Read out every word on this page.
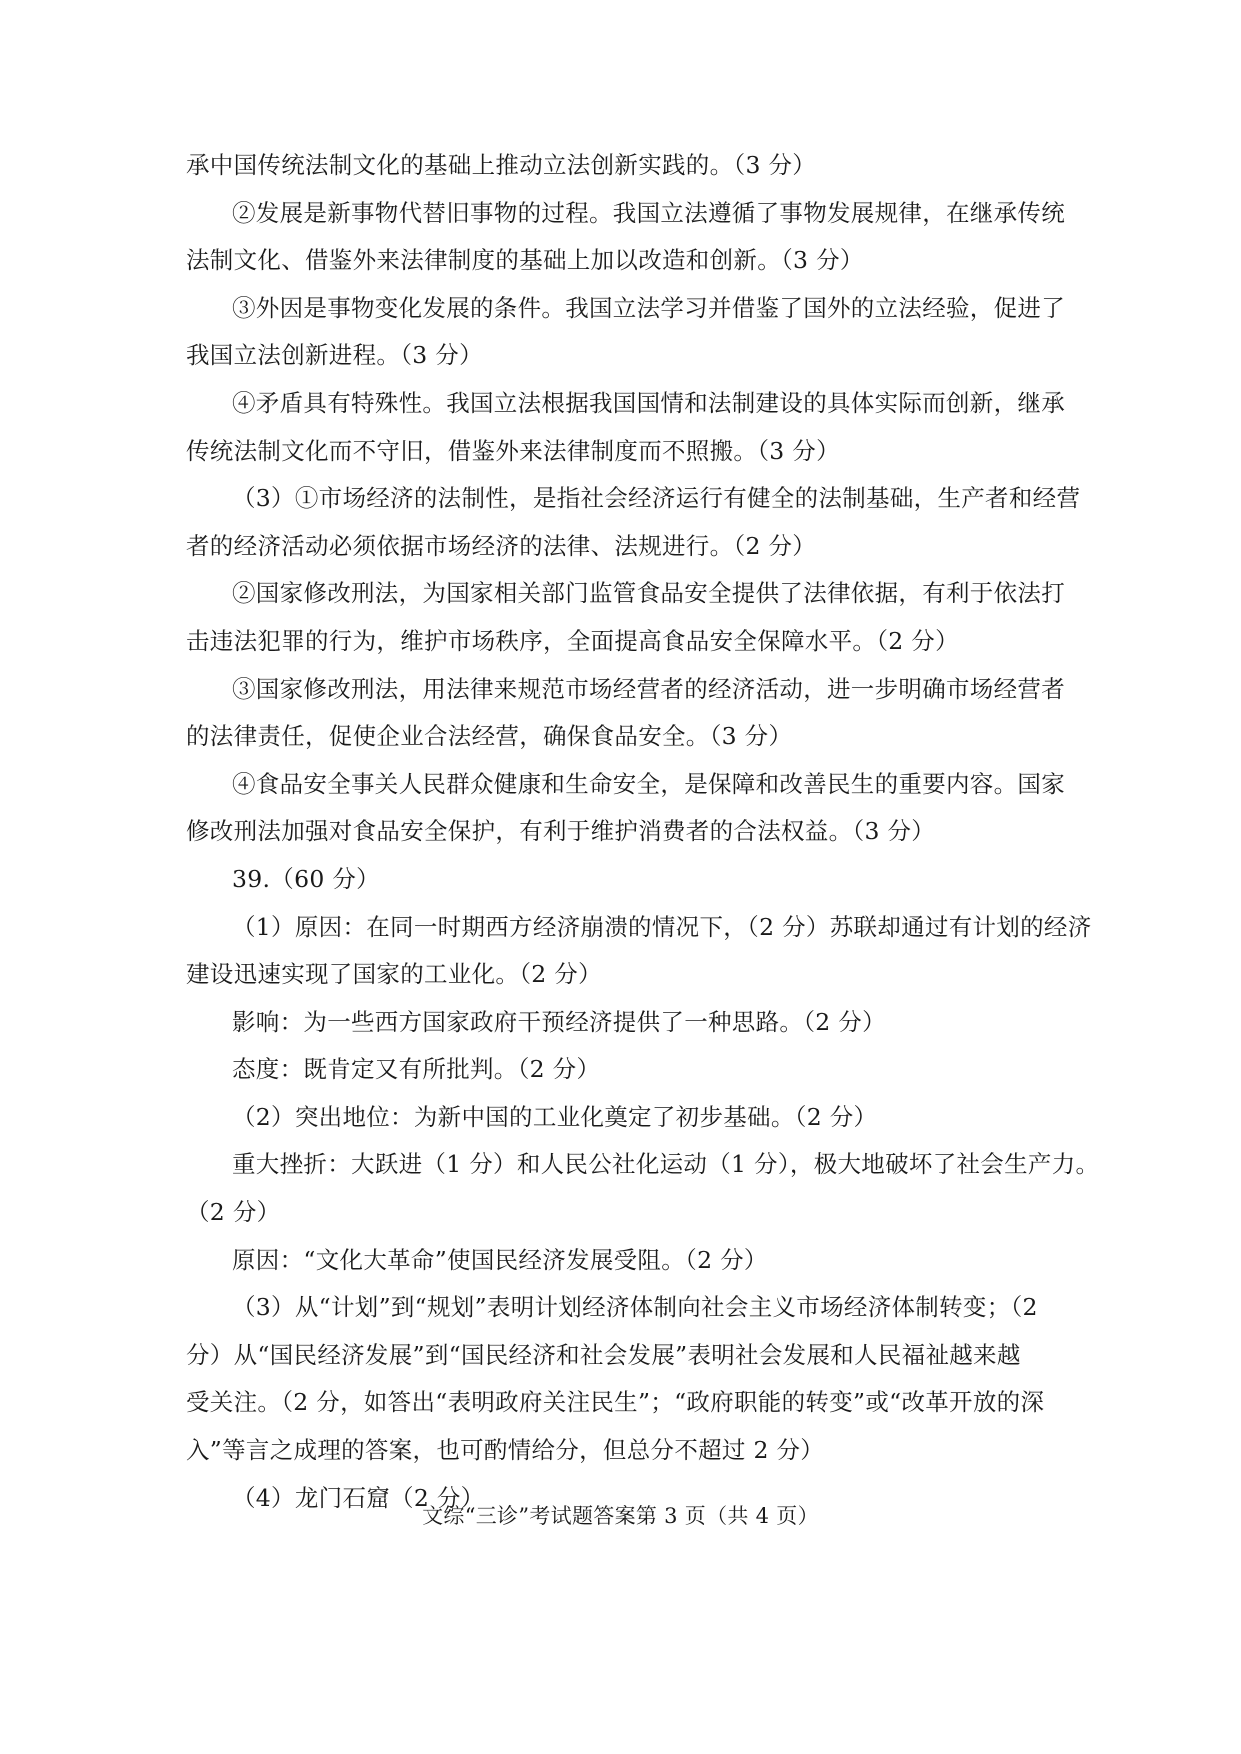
承中国传统法制文化的基础上推动立法创新实践的。（3 分）
②发展是新事物代替旧事物的过程。我国立法遵循了事物发展规律，在继承传统
法制文化、借鉴外来法律制度的基础上加以改造和创新。（3 分）
③外因是事物变化发展的条件。我国立法学习并借鉴了国外的立法经验，促进了
我国立法创新进程。（3 分）
④矛盾具有特殊性。我国立法根据我国国情和法制建设的具体实际而创新，继承
传统法制文化而不守旧，借鉴外来法律制度而不照搬。（3 分）
（3）①市场经济的法制性，是指社会经济运行有健全的法制基础，生产者和经营
者的经济活动必须依据市场经济的法律、法规进行。（2 分）
②国家修改刑法，为国家相关部门监管食品安全提供了法律依据，有利于依法打
击违法犯罪的行为，维护市场秩序，全面提高食品安全保障水平。（2 分）
③国家修改刑法，用法律来规范市场经营者的经济活动，进一步明确市场经营者
的法律责任，促使企业合法经营，确保食品安全。（3 分）
④食品安全事关人民群众健康和生命安全，是保障和改善民生的重要内容。国家
修改刑法加强对食品安全保护，有利于维护消费者的合法权益。（3 分）
39.（60 分）
（1）原因：在同一时期西方经济崩溃的情况下，（2 分）苏联却通过有计划的经济
建设迅速实现了国家的工业化。（2 分）
影响：为一些西方国家政府干预经济提供了一种思路。（2 分）
态度：既肯定又有所批判。（2 分）
（2）突出地位：为新中国的工业化奠定了初步基础。（2 分）
重大挫折：大跃进（1 分）和人民公社化运动（1 分），极大地破坏了社会生产力。
（2 分）
原因：“文化大革命”使国民经济发展受阻。（2 分）
（3）从“计划”到“规划”表明计划经济体制向社会主义市场经济体制转变；（2
分）从“国民经济发展”到“国民经济和社会发展”表明社会发展和人民福祉越来越
受关注。（2 分，如答出“表明政府关注民生”；“政府职能的转变”或“改革开放的深
入”等言之成理的答案，也可酌情给分，但总分不超过 2 分）
（4）龙门石窟（2 分）
文综“三诊”考试题答案第 3 页（共 4 页）
